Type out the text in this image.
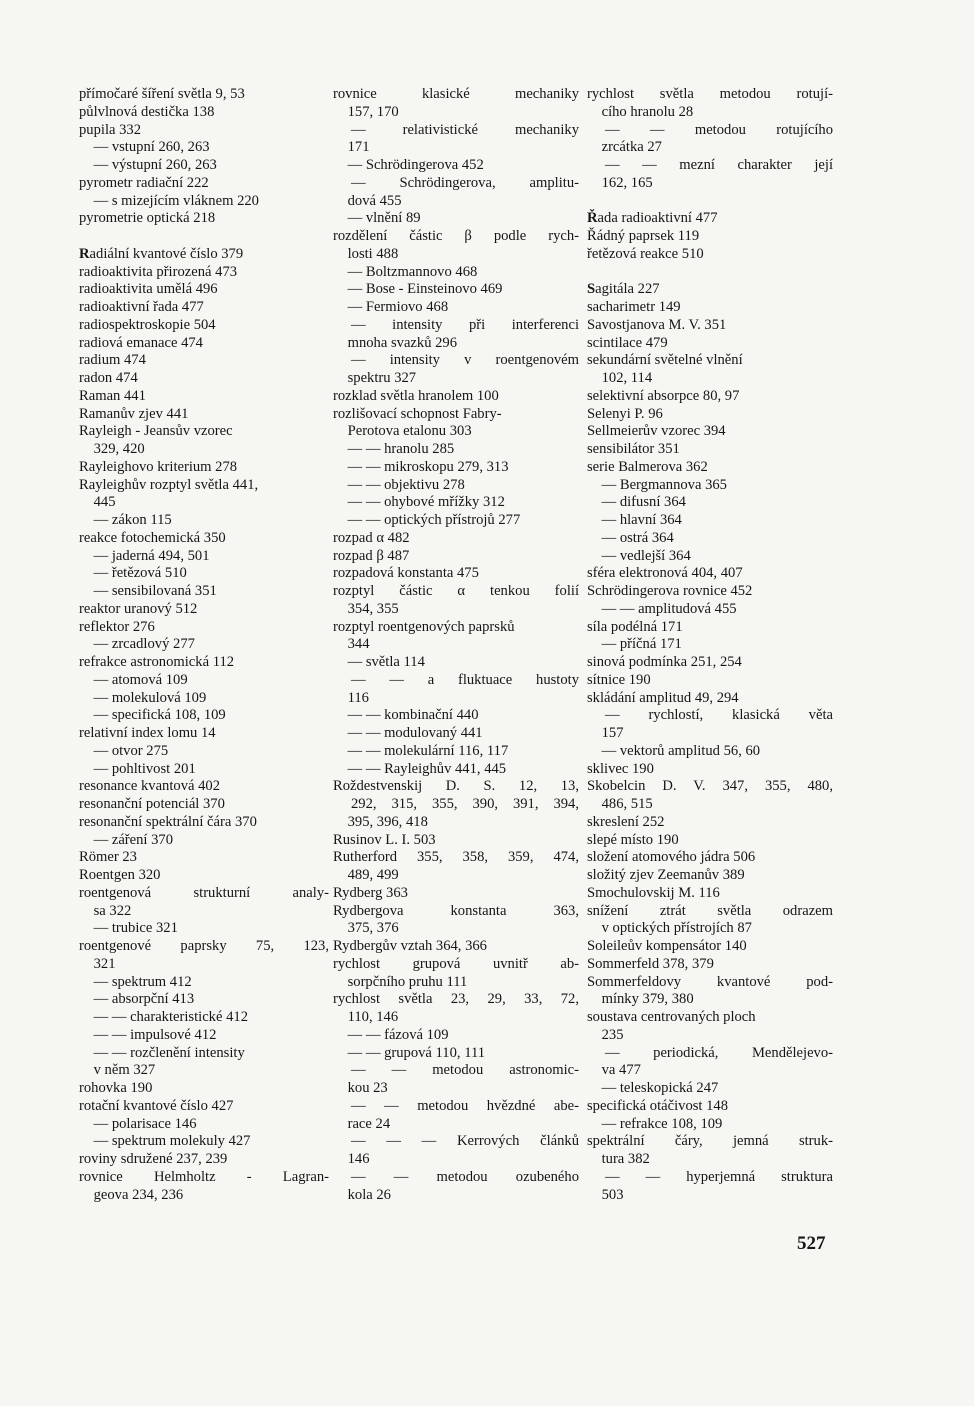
přímočaré šíření světla 9, 53
půlvlnová destička 138
pupila 332
— vstupní 260, 263
— výstupní 260, 263
pyrometr radiační 222
— s mizejícím vláknem 220
pyrometrie optická 218
Radiální kvantové číslo 379
radioaktivita přirozená 473
radioaktivita umělá 496
radioaktivní řada 477
radiospektroskopie 504
radiová emanace 474
radium 474
radon 474
Raman 441
Ramanův zjev 441
Rayleigh - Jeansův vzorec
329, 420
Rayleighovo kriterium 278
Rayleighův rozptyl světla 441,
445
— zákon 115
reakce fotochemická 350
— jaderná 494, 501
— řetězová 510
— sensibilovaná 351
reaktor uranový 512
reflektor 276
— zrcadlový 277
refrakce astronomická 112
— atomová 109
— molekulová 109
— specifická 108, 109
relativní index lomu 14
— otvor 275
— pohltivost 201
resonance kvantová 402
resonanční potenciál 370
resonanční spektrální čára 370
— záření 370
Römer 23
Roentgen 320
roentgenová strukturní analy-
sa 322
— trubice 321
roentgenové paprsky 75, 123,
321
— spektrum 412
— absorpční 413
— — charakteristické 412
— — impulsové 412
— — rozčlenění intensity
v něm 327
rohovka 190
rotační kvantové číslo 427
— polarisace 146
— spektrum molekuly 427
roviny sdružené 237, 239
rovnice Helmholtz - Lagran-
geova 234, 236
rovnice klasické mechaniky
157, 170
— relativistické mechaniky
171
— Schrödingerova 452
— Schrödingerova, amplitu-
dová 455
— vlnění 89
rozdělení částic β podle rych-
losti 488
— Boltzmannovo 468
— Bose - Einsteinovo 469
— Fermiovo 468
— intensity při interferenci
mnoha svazků 296
— intensity v roentgenovém
spektru 327
rozklad světla hranolem 100
rozlišovací schopnost Fabry-
Perotova etalonu 303
— — hranolu 285
— — mikroskopu 279, 313
— — objektivu 278
— — ohybové mřížky 312
— — optických přístrojů 277
rozpad α 482
rozpad β 487
rozpadová konstanta 475
rozptyl částic α tenkou folií
354, 355
rozptyl roentgenových paprsků
344
— světla 114
— — a fluktuace hustoty
116
— — kombinační 440
— — modulovaný 441
— — molekulární 116, 117
— — Rayleighův 441, 445
Roždestvenskij D. S. 12, 13,
292, 315, 355, 390, 391, 394,
395, 396, 418
Rusinov L. I. 503
Rutherford 355, 358, 359, 474,
489, 499
Rydberg 363
Rydbergova konstanta 363,
375, 376
Rydbergův vztah 364, 366
rychlost grupová uvnitř ab-
sorpčního pruhu 111
rychlost světla 23, 29, 33, 72,
110, 146
— — fázová 109
— — grupová 110, 111
— — metodou astronomic-
kou 23
— — metodou hvězdné abe-
race 24
— — — Kerrových článků
146
— — metodou ozubeného
kola 26
rychlost světla metodou rotují-
cího hranolu 28
— — metodou rotujícího
zrcátka 27
— — mezní charakter její
162, 165
Řada radioaktivní 477
Řádný paprsek 119
řetězová reakce 510
Sagitála 227
sacharimetr 149
Savostjanova M. V. 351
scintilace 479
sekundární světelné vlnění
102, 114
selektivní absorpce 80, 97
Selenyi P. 96
Sellmeierův vzorec 394
sensibilátor 351
serie Balmerova 362
— Bergmannova 365
— difusní 364
— hlavní 364
— ostrá 364
— vedlejší 364
sféra elektronová 404, 407
Schrödingerova rovnice 452
— — amplitudová 455
síla podélná 171
— příčná 171
sinová podmínka 251, 254
sítnice 190
skládání amplitud 49, 294
— rychlostí, klasická věta
157
— vektorů amplitud 56, 60
sklivec 190
Skobelcin D. V. 347, 355, 480,
486, 515
skreslení 252
slepé místo 190
složení atomového jádra 506
složitý zjev Zeemanův 389
Smochulovskij M. 116
snížení ztrát světla odrazem
v optických přístrojích 87
Soleileův kompensátor 140
Sommerfeld 378, 379
Sommerfeldovy kvantové pod-
mínky 379, 380
soustava centrovaných ploch
235
— periodická, Mendělejevo-
va 477
— teleskopická 247
specifická otáčivost 148
— refrakce 108, 109
spektrální čáry, jemná struk-
tura 382
— — hyperjemná struktura
503
527
